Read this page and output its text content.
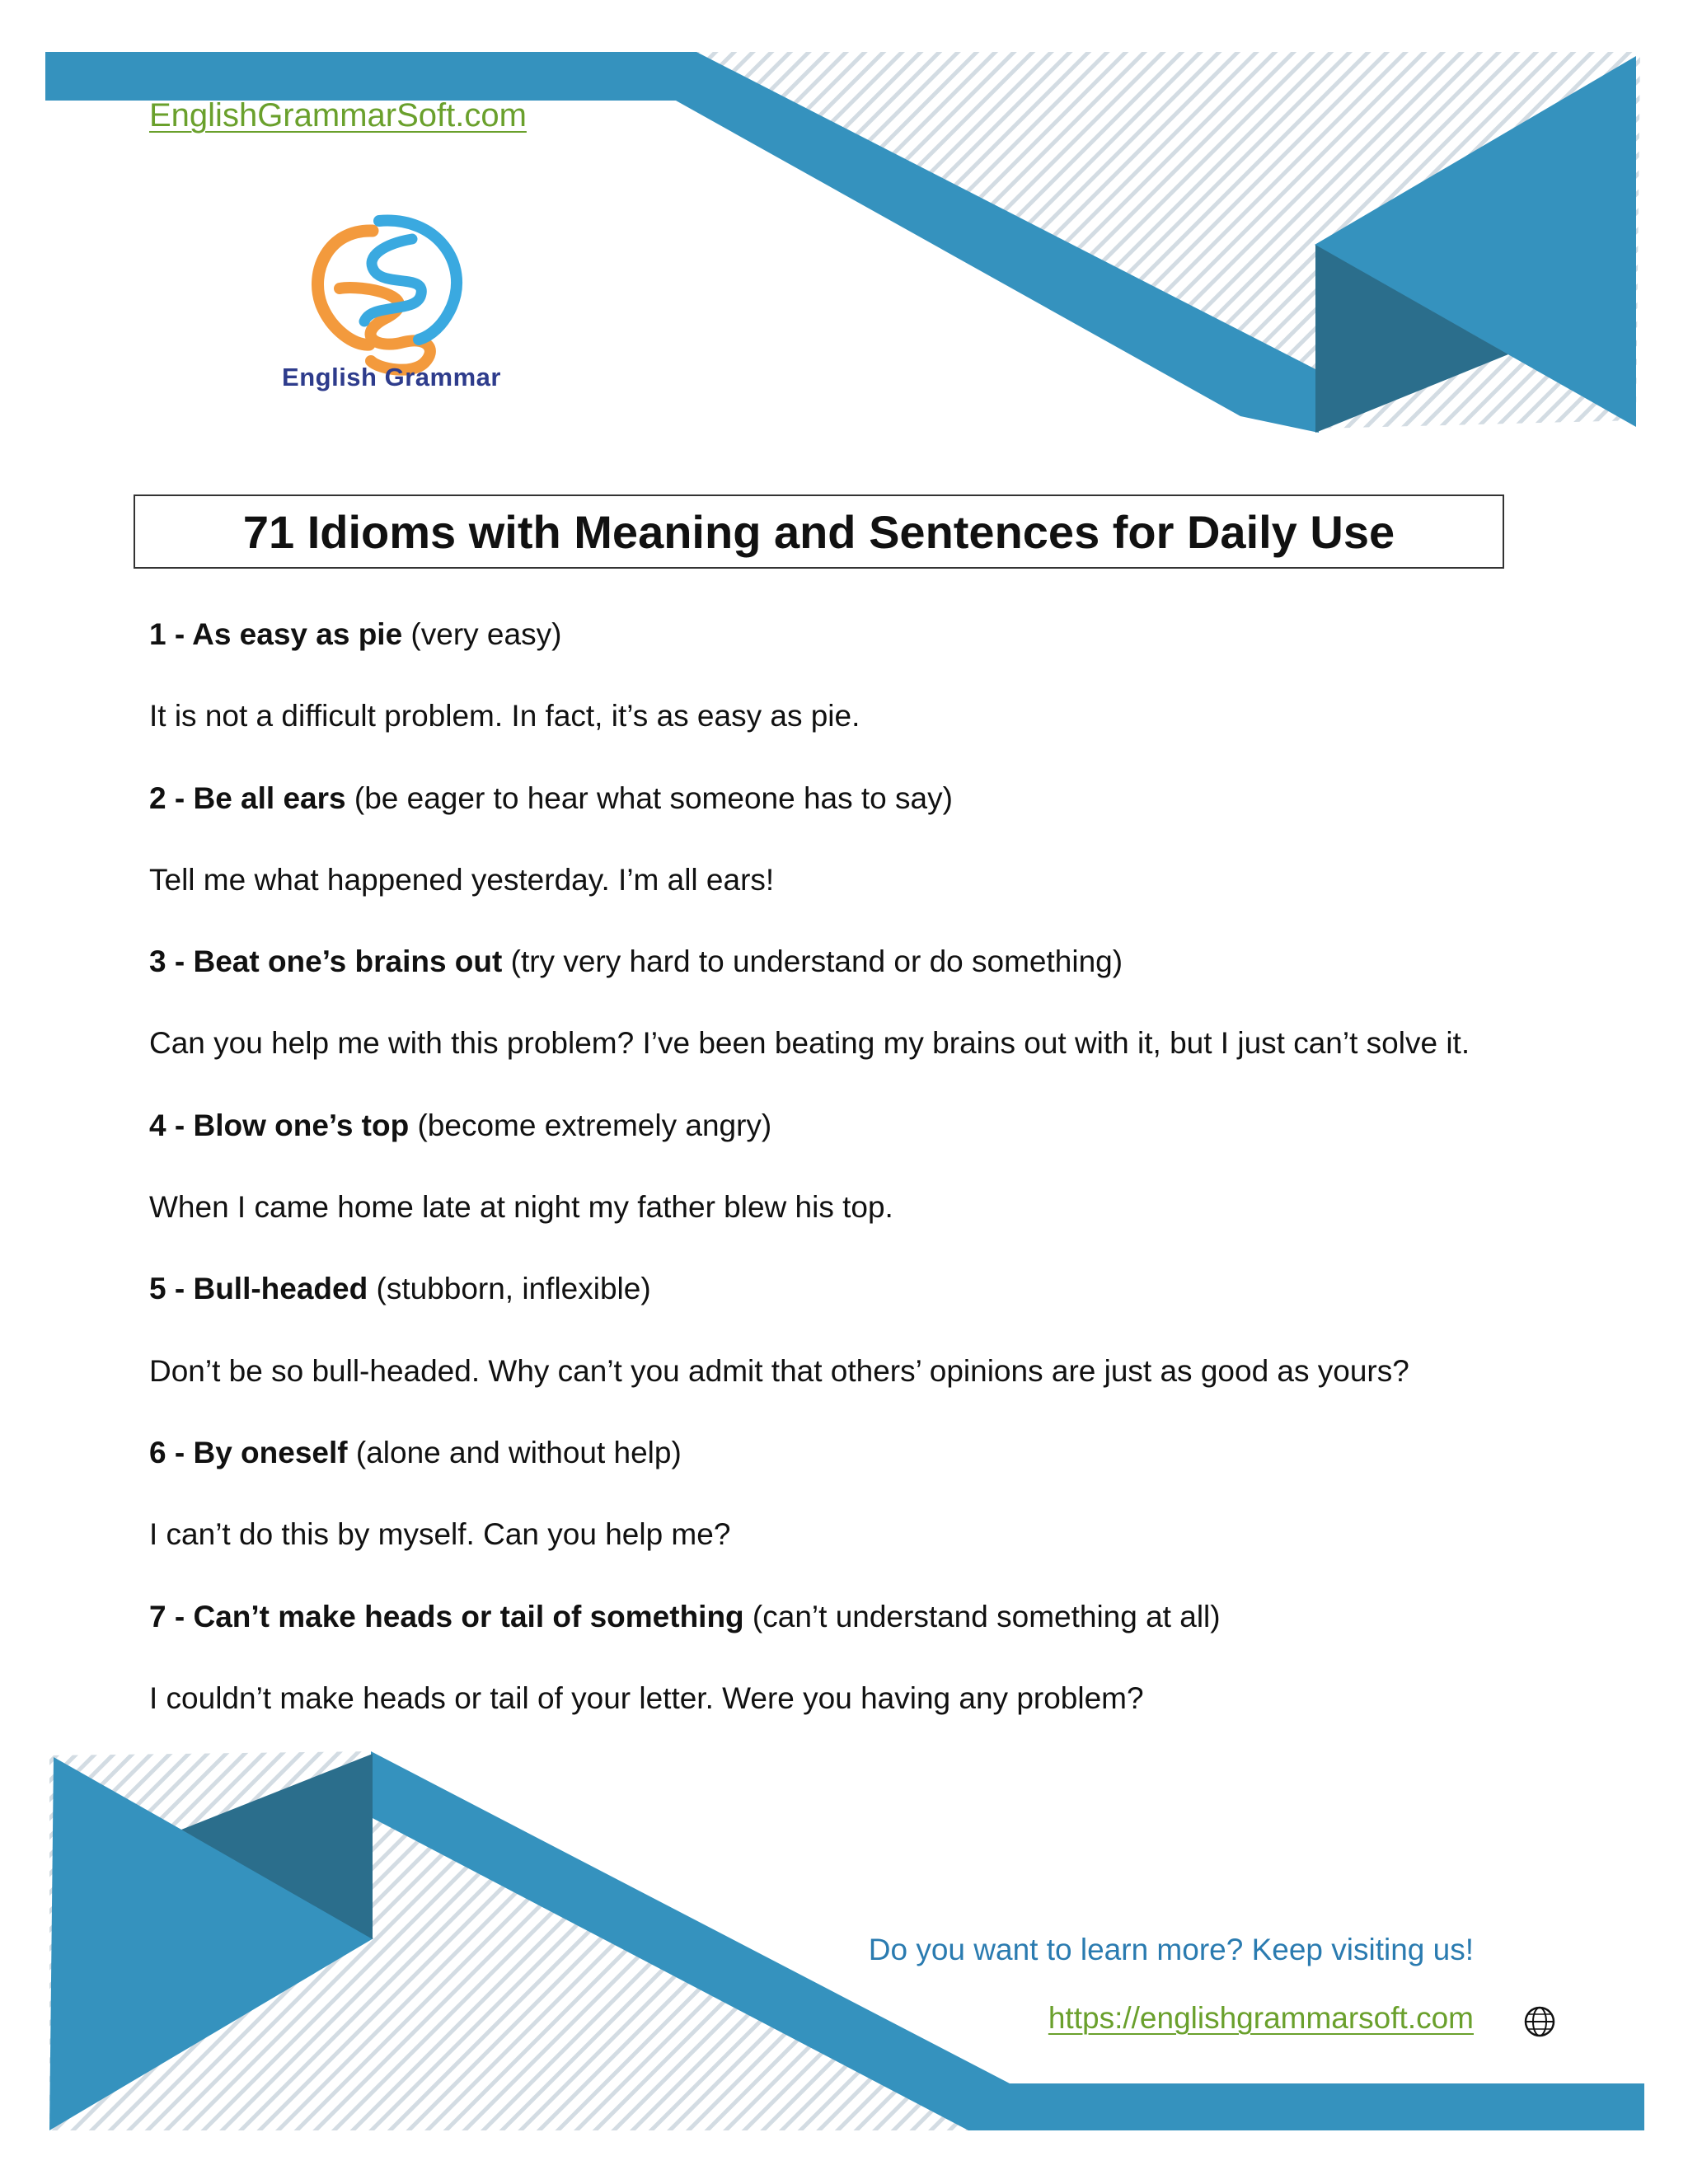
EnglishGrammarSoft.com
English Grammar
71 Idioms with Meaning and Sentences for Daily Use
1 - As easy as pie (very easy)
It is not a difficult problem. In fact, it’s as easy as pie.
2 - Be all ears (be eager to hear what someone has to say)
Tell me what happened yesterday. I’m all ears!
3 - Beat one’s brains out (try very hard to understand or do something)
Can you help me with this problem? I’ve been beating my brains out with it, but I just can’t solve it.
4 - Blow one’s top (become extremely angry)
When I came home late at night my father blew his top.
5 - Bull-headed (stubborn, inflexible)
Don’t be so bull-headed. Why can’t you admit that others’ opinions are just as good as yours?
6 - By oneself (alone and without help)
I can’t do this by myself. Can you help me?
7 - Can’t make heads or tail of something (can’t understand something at all)
I couldn’t make heads or tail of your letter. Were you having any problem?
Do you want to learn more? Keep visiting us!
https://englishgrammarsoft.com
